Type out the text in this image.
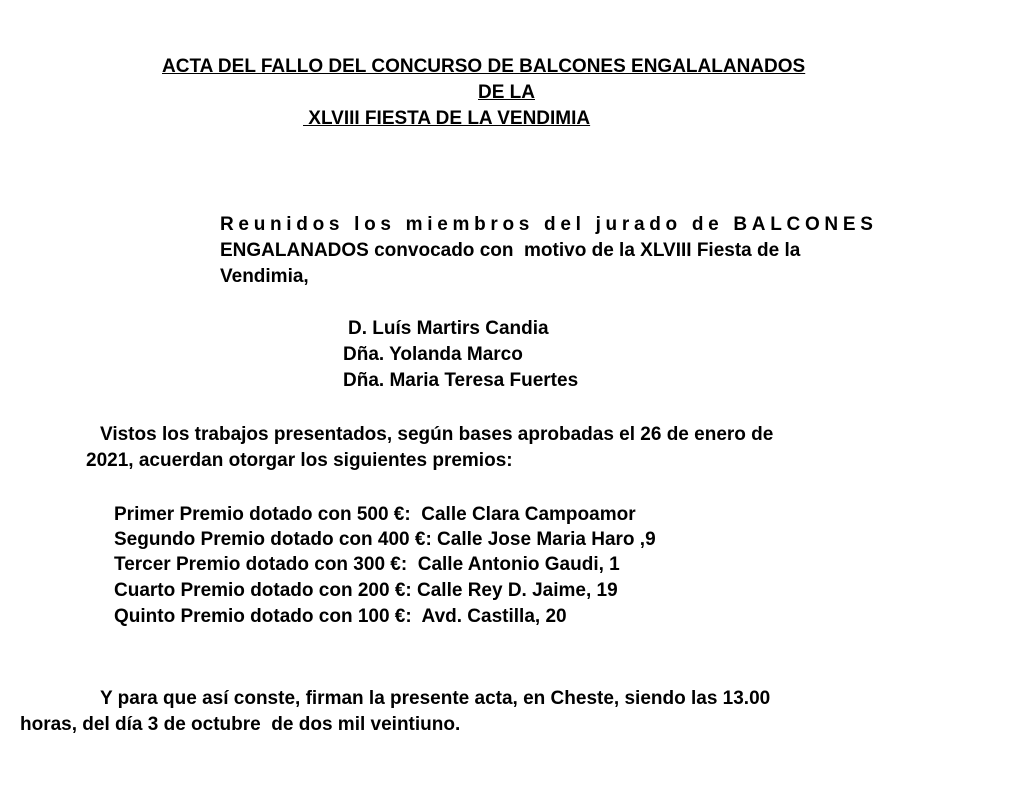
ACTA DEL FALLO DEL CONCURSO DE BALCONES ENGALALANADOS
DE LA
XLVIII FIESTA DE LA VENDIMIA
Reunidos los miembros del jurado de BALCONES
ENGALANADOS convocado con  motivo de la XLVIII Fiesta de la
Vendimia,
D. Luís Martirs Candia
Dña. Yolanda Marco
Dña. Maria Teresa Fuertes
Vistos los trabajos presentados, según bases aprobadas el 26 de enero de
2021, acuerdan otorgar los siguientes premios:
Primer Premio dotado con 500 €:  Calle Clara Campoamor
Segundo Premio dotado con 400 €: Calle Jose Maria Haro ,9
Tercer Premio dotado con 300 €:  Calle Antonio Gaudi, 1
Cuarto Premio dotado con 200 €: Calle Rey D. Jaime, 19
Quinto Premio dotado con 100 €:  Avd. Castilla, 20
Y para que así conste, firman la presente acta, en Cheste, siendo las 13.00
horas, del día 3 de octubre  de dos mil veintiuno.
